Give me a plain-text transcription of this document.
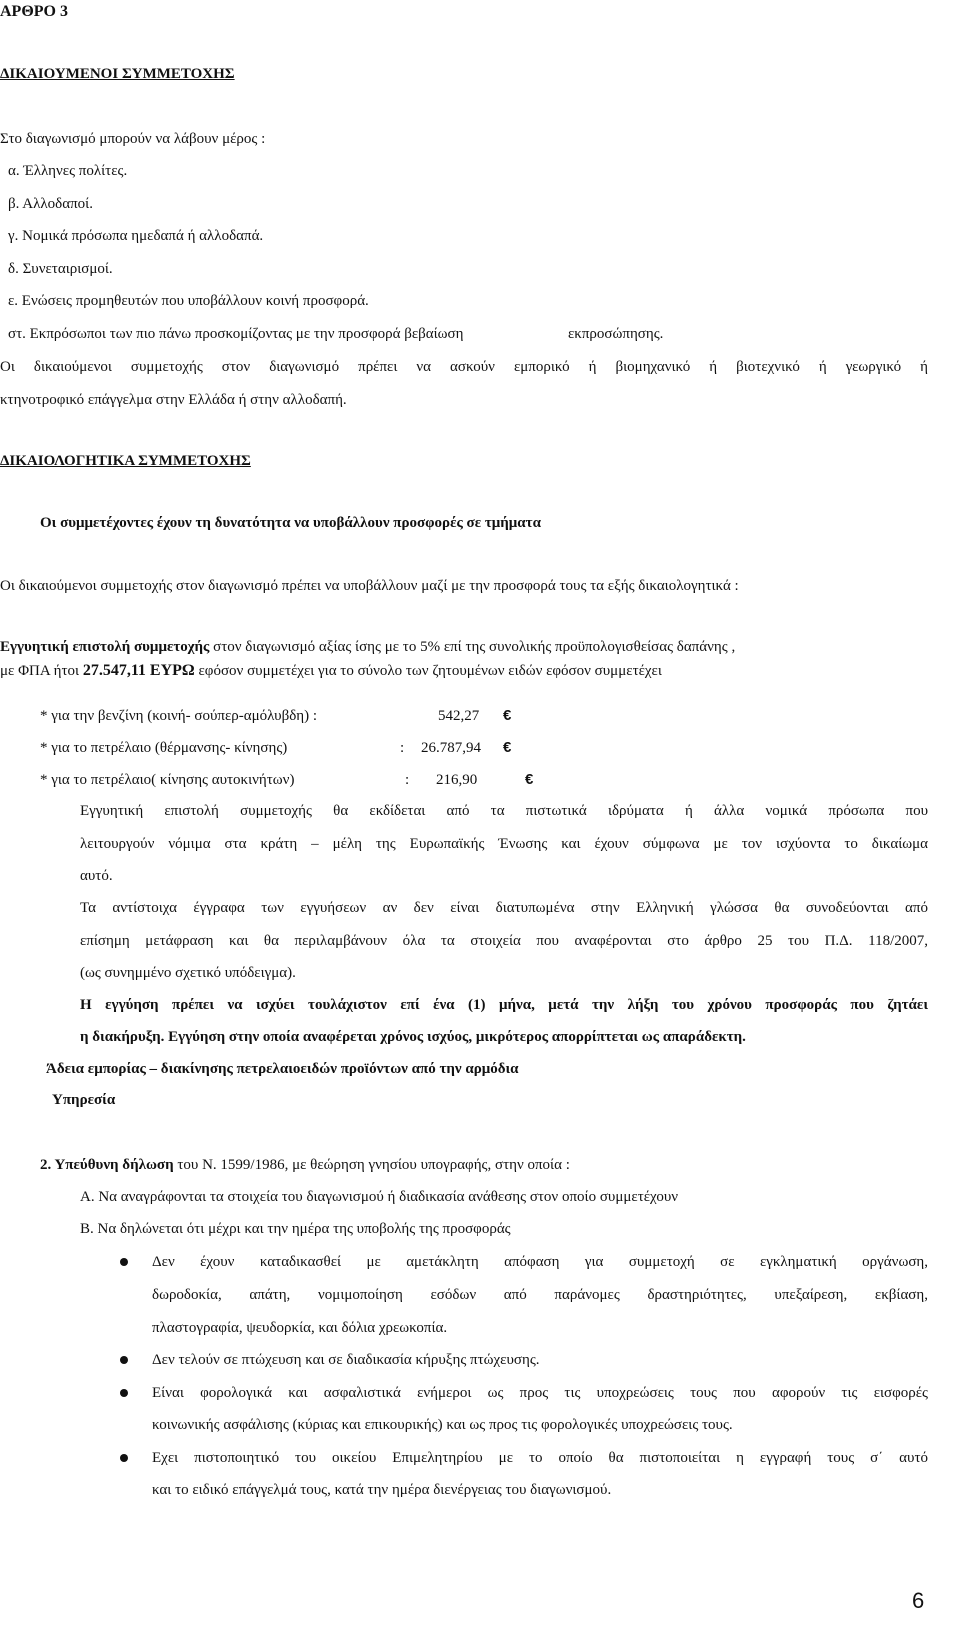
ΑΡΘΡΟ 3
ΔΙΚΑΙΟΥΜΕΝΟΙ ΣΥΜΜΕΤΟΧΗΣ
Στο διαγωνισμό μπορούν να λάβουν μέρος :
α. Έλληνες πολίτες.
β. Αλλοδαποί.
γ. Νομικά πρόσωπα ημεδαπά ή αλλοδαπά.
δ. Συνεταιρισμοί.
ε. Ενώσεις προμηθευτών που υποβάλλουν κοινή προσφορά.
στ. Εκπρόσωποι των πιο πάνω προσκομίζοντας με την προσφορά βεβαίωση	εκπροσώπησης.
Οι δικαιούμενοι συμμετοχής στον διαγωνισμό πρέπει να ασκούν εμπορικό ή βιομηχανικό ή βιοτεχνικό ή γεωργικό ή
κτηνοτροφικό επάγγελμα στην Ελλάδα ή στην αλλοδαπή.
ΔΙΚΑΙΟΛΟΓΗΤΙΚΑ ΣΥΜΜΕΤΟΧΗΣ
Οι συμμετέχοντες έχουν τη δυνατότητα να υποβάλλουν προσφορές σε τμήματα
Οι δικαιούμενοι συμμετοχής στον διαγωνισμό πρέπει να υποβάλλουν μαζί με την προσφορά τους τα εξής δικαιολογητικά :
Εγγυητική επιστολή συμμετοχής στον διαγωνισμό αξίας ίσης με το 5% επί της συνολικής προϋπολογισθείσας δαπάνης ,
με ΦΠΑ ήτοι 27.547,11 ΕΥΡΩ εφόσον συμμετέχει για το σύνολο των ζητουμένων ειδών εφόσον συμμετέχει
* για την βενζίνη (κοινή- σούπερ-αμόλυβδη) :	542,27 €
* για το πετρέλαιο (θέρμανσης- κίνησης)	: 26.787,94 €
* για το πετρέλαιο( κίνησης αυτοκινήτων)	: 216,90	€
Εγγυητική επιστολή συμμετοχής θα εκδίδεται από τα πιστωτικά ιδρύματα ή άλλα νομικά πρόσωπα που
λειτουργούν νόμιμα στα κράτη – μέλη της Ευρωπαϊκής Ένωσης και έχουν σύμφωνα με τον ισχύοντα το δικαίωμα
αυτό.
Τα αντίστοιχα έγγραφα των εγγυήσεων αν δεν είναι διατυπωμένα στην Ελληνική γλώσσα θα συνοδεύονται από
επίσημη μετάφραση και θα περιλαμβάνουν όλα τα στοιχεία που αναφέρονται στο άρθρο 25 του Π.Δ. 118/2007,
(ως συνημμένο σχετικό υπόδειγμα).
Η εγγύηση πρέπει να ισχύει τουλάχιστον επί ένα (1) μήνα, μετά την λήξη του χρόνου προσφοράς που ζητάει
η διακήρυξη. Εγγύηση στην οποία αναφέρεται χρόνος ισχύος, μικρότερος απορρίπτεται ως απαράδεκτη.
Άδεια εμπορίας – διακίνησης πετρελαιοειδών προϊόντων από την αρμόδια
Υπηρεσία
2. Υπεύθυνη δήλωση του Ν. 1599/1986, με θεώρηση γνησίου υπογραφής, στην οποία :
Α. Να αναγράφονται τα στοιχεία του διαγωνισμού ή διαδικασία ανάθεσης στον οποίο συμμετέχουν
Β. Να δηλώνεται ότι μέχρι και την ημέρα της υποβολής της προσφοράς
Δεν έχουν καταδικασθεί με αμετάκλητη απόφαση για συμμετοχή σε εγκληματική οργάνωση,
δωροδοκία, απάτη, νομιμοποίηση εσόδων από παράνομες δραστηριότητες, υπεξαίρεση, εκβίαση,
πλαστογραφία, ψευδορκία, και δόλια χρεωκοπία.
Δεν τελούν σε πτώχευση και σε διαδικασία κήρυξης πτώχευσης.
Είναι φορολογικά και ασφαλιστικά ενήμεροι ως προς τις υποχρεώσεις τους που αφορούν τις εισφορές
κοινωνικής ασφάλισης (κύριας και επικουρικής) και ως προς τις φορολογικές υποχρεώσεις τους.
Εχει πιστοποιητικό του οικείου Επιμελητηρίου με το οποίο θα πιστοποιείται η εγγραφή τους σ΄ αυτό
και το ειδικό επάγγελμά τους, κατά την ημέρα διενέργειας του διαγωνισμού.
6
